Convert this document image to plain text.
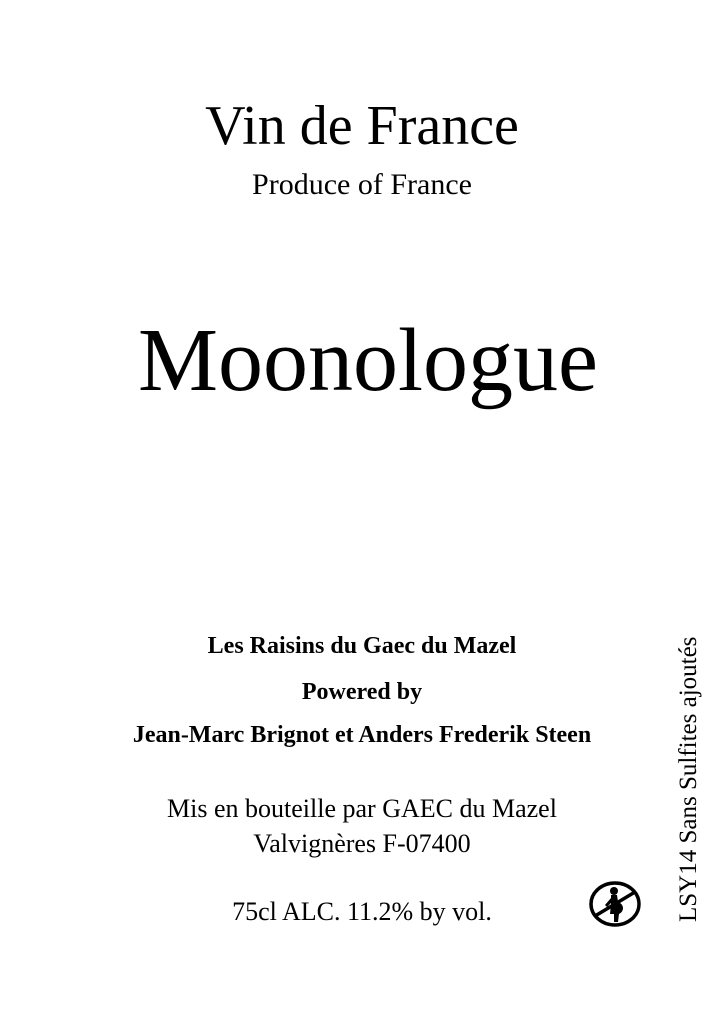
Vin de France
Produce of France
Moonologue
Les Raisins du Gaec du Mazel
Powered by
Jean-Marc Brignot et Anders Frederik Steen
Mis en bouteille par GAEC du Mazel
Valvignères F-07400
75cl ALC. 11.2% by vol.	LSY14 Sans Sulfites ajoutés
